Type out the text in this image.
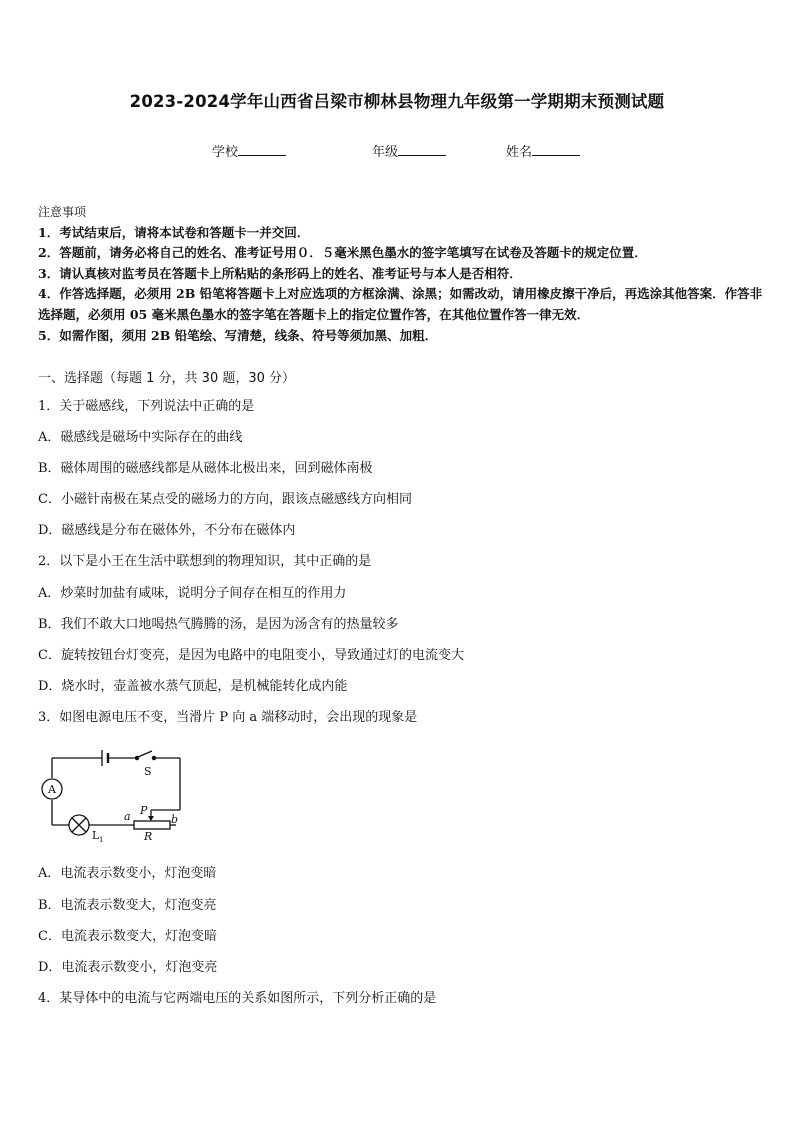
2023-2024学年山西省吕梁市柳林县物理九年级第一学期期末预测试题
学校	年级	姓名
注意事项
1．考试结束后，请将本试卷和答题卡一并交回．
2．答题前，请务必将自己的姓名、准考证号用０．５毫米黑色墨水的签字笔填写在试卷及答题卡的规定位置．
3．请认真核对监考员在答题卡上所粘贴的条形码上的姓名、准考证号与本人是否相符．
4．作答选择题，必须用 2B 铅笔将答题卡上对应选项的方框涂满、涂黑；如需改动，请用橡皮擦干净后，再选涂其他答案．作答非选择题，必须用 05 毫米黑色墨水的签字笔在答题卡上的指定位置作答，在其他位置作答一律无效．
5．如需作图，须用 2B 铅笔绘、写清楚，线条、符号等须加黑、加粗．
一、选择题（每题 1 分，共 30 题，30 分）
1．关于磁感线，下列说法中正确的是
A．磁感线是磁场中实际存在的曲线
B．磁体周围的磁感线都是从磁体北极出来，回到磁体南极
C．小磁针南极在某点受的磁场力的方向，跟该点磁感线方向相同
D．磁感线是分布在磁体外，不分布在磁体内
2．以下是小王在生活中联想到的物理知识，其中正确的是
A．炒菜时加盐有咸味，说明分子间存在相互的作用力
B．我们不敢大口地喝热气腾腾的汤，是因为汤含有的热量较多
C．旋转按钮台灯变亮，是因为电路中的电阻变小，导致通过灯的电流变大
D．烧水时，壶盖被水蒸气顶起，是机械能转化成内能
3．如图电源电压不变，当滑片 P 向 a 端移动时，会出现的现象是
A
S
L 1
P
a	b
R
A．电流表示数变小，灯泡变暗
B．电流表示数变大，灯泡变亮
C．电流表示数变大，灯泡变暗
D．电流表示数变小，灯泡变亮
4．某导体中的电流与它两端电压的关系如图所示，下列分析正确的是
